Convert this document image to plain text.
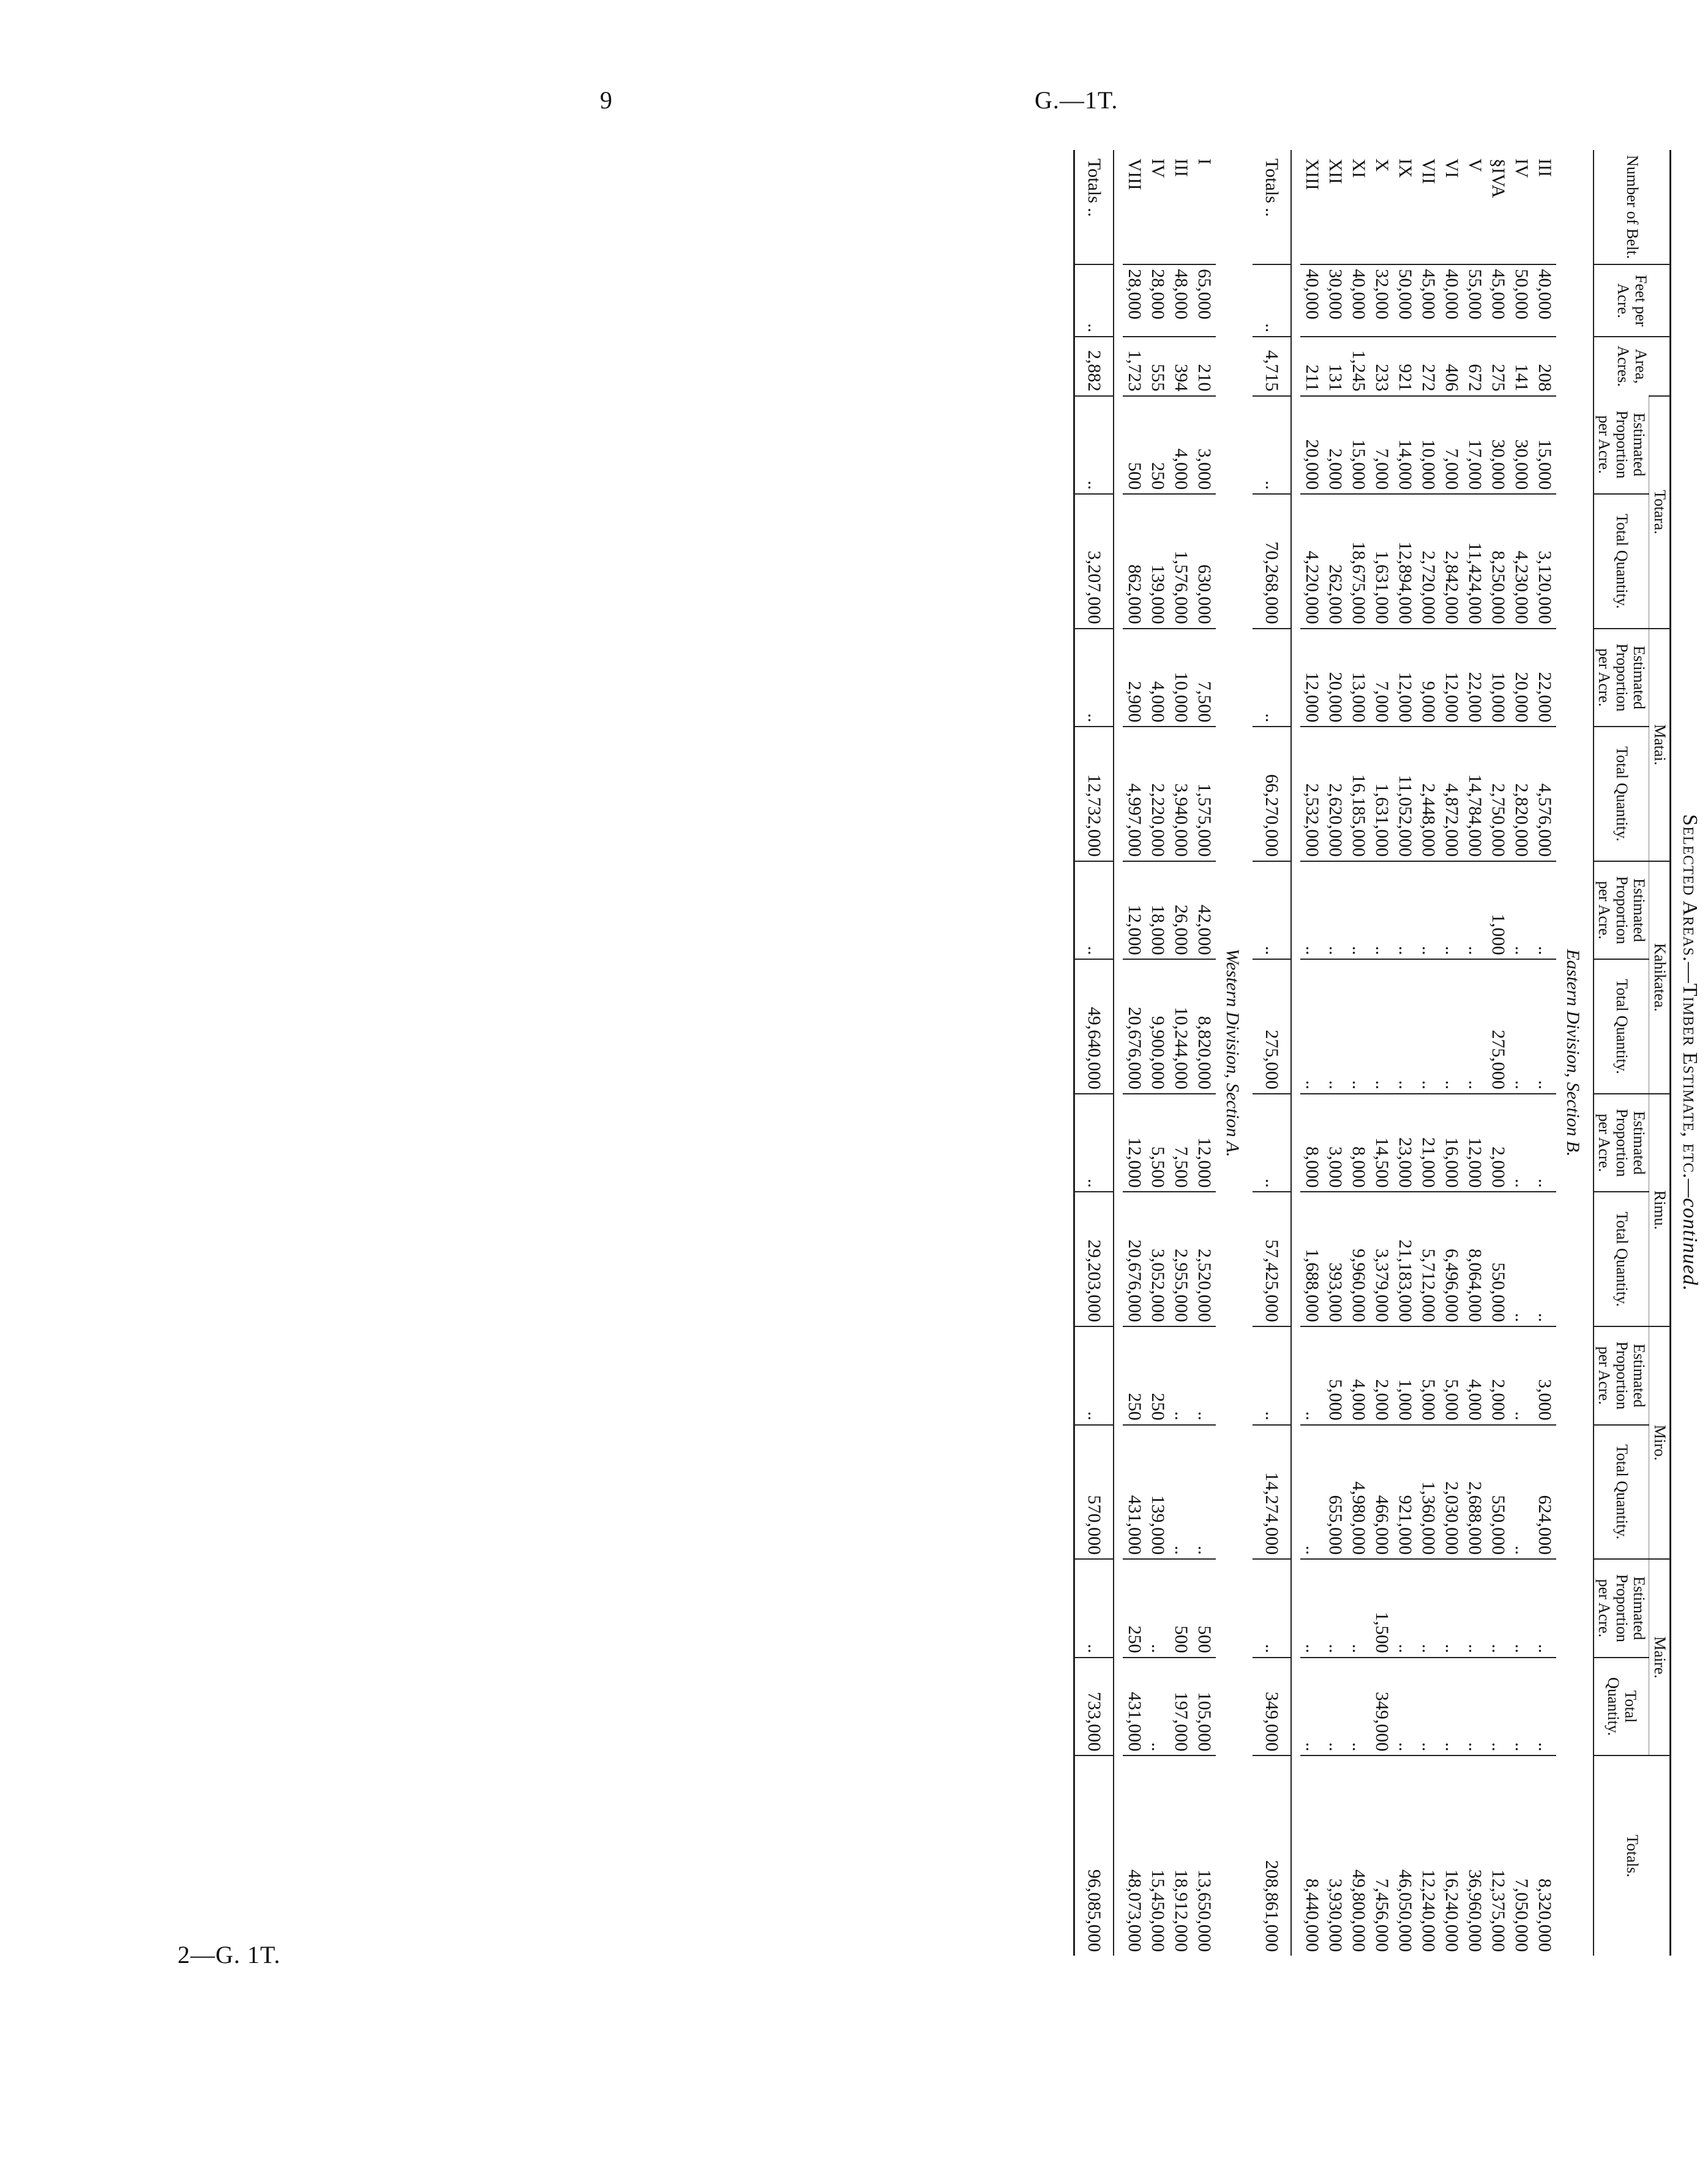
9	G.—1T.
Selected Areas.—Timber Estimate, etc.—continued.
Number of Belt.	Feet per Acre.	Area, Acres.	Totara.		Matai.		Kahikatea.		Rimu.		Miro.		Maire.		Totals.
			Estimated Proportion per Acre.	Total Quantity.	Estimated Proportion per Acre.	Total Quantity.	Estimated Proportion per Acre.	Total Quantity.	Estimated Proportion per Acre.	Total Quantity.	Estimated Proportion per Acre.	Total Quantity.	Estimated Proportion per Acre.	Total Quantity.	
Eastern Division, Section B.															
III	40,000	208	15,000	3,120,000	22,000	4,576,000	..	..	..	..	3,000	624,000	..	..	8,320,000
IV	50,000	141	30,000	4,230,000	20,000	2,820,000	..	..	..	..	..	..	..	..	7,050,000
§IVA	45,000	275	30,000	8,250,000	10,000	2,750,000	1,000	275,000	2,000	550,000	2,000	550,000	..	..	12,375,000
V	55,000	672	17,000	11,424,000	22,000	14,784,000	..	..	12,000	8,064,000	4,000	2,688,000	..	..	36,960,000
VI	40,000	406	7,000	2,842,000	12,000	4,872,000	..	..	16,000	6,496,000	5,000	2,030,000	..	..	16,240,000
VII	45,000	272	10,000	2,720,000	9,000	2,448,000	..	..	21,000	5,712,000	5,000	1,360,000	..	..	12,240,000
IX	50,000	921	14,000	12,894,000	12,000	11,052,000	..	..	23,000	21,183,000	1,000	921,000	..	..	46,050,000
X	32,000	233	7,000	1,631,000	7,000	1,631,000	..	..	14,500	3,379,000	2,000	466,000	1,500	349,000	7,456,000
XI	40,000	1,245	15,000	18,675,000	13,000	16,185,000	..	..	8,000	9,960,000	4,000	4,980,000	..	..	49,800,000
XII	30,000	131	2,000	262,000	20,000	2,620,000	..	..	3,000	393,000	5,000	655,000	..	..	3,930,000
XIII	40,000	211	20,000	4,220,000	12,000	2,532,000	..	..	8,000	1,688,000	..	..	..	..	8,440,000

Totals ..	..	4,715	..	70,268,000	..	66,270,000	..	275,000	..	57,425,000	..	14,274,000	..	349,000	208,861,000
Western Division, Section A.															
I	65,000	210	3,000	630,000	7,500	1,575,000	42,000	8,820,000	12,000	2,520,000	..	..	500	105,000	13,650,000
III	48,000	394	4,000	1,576,000	10,000	3,940,000	26,000	10,244,000	7,500	2,955,000	..	..	500	197,000	18,912,000
IV	28,000	555	250	139,000	4,000	2,220,000	18,000	9,900,000	5,500	3,052,000	250	139,000	..	..	15,450,000
VIII	28,000	1,723	500	862,000	2,900	4,997,000	12,000	20,676,000	12,000	20,676,000	250	431,000	250	431,000	48,073,000

Totals ..	..	2,882	..	3,207,000	..	12,732,000	..	49,640,000	..	29,203,000	..	570,000	..	733,000	96,085,000
2—G. 1T.
